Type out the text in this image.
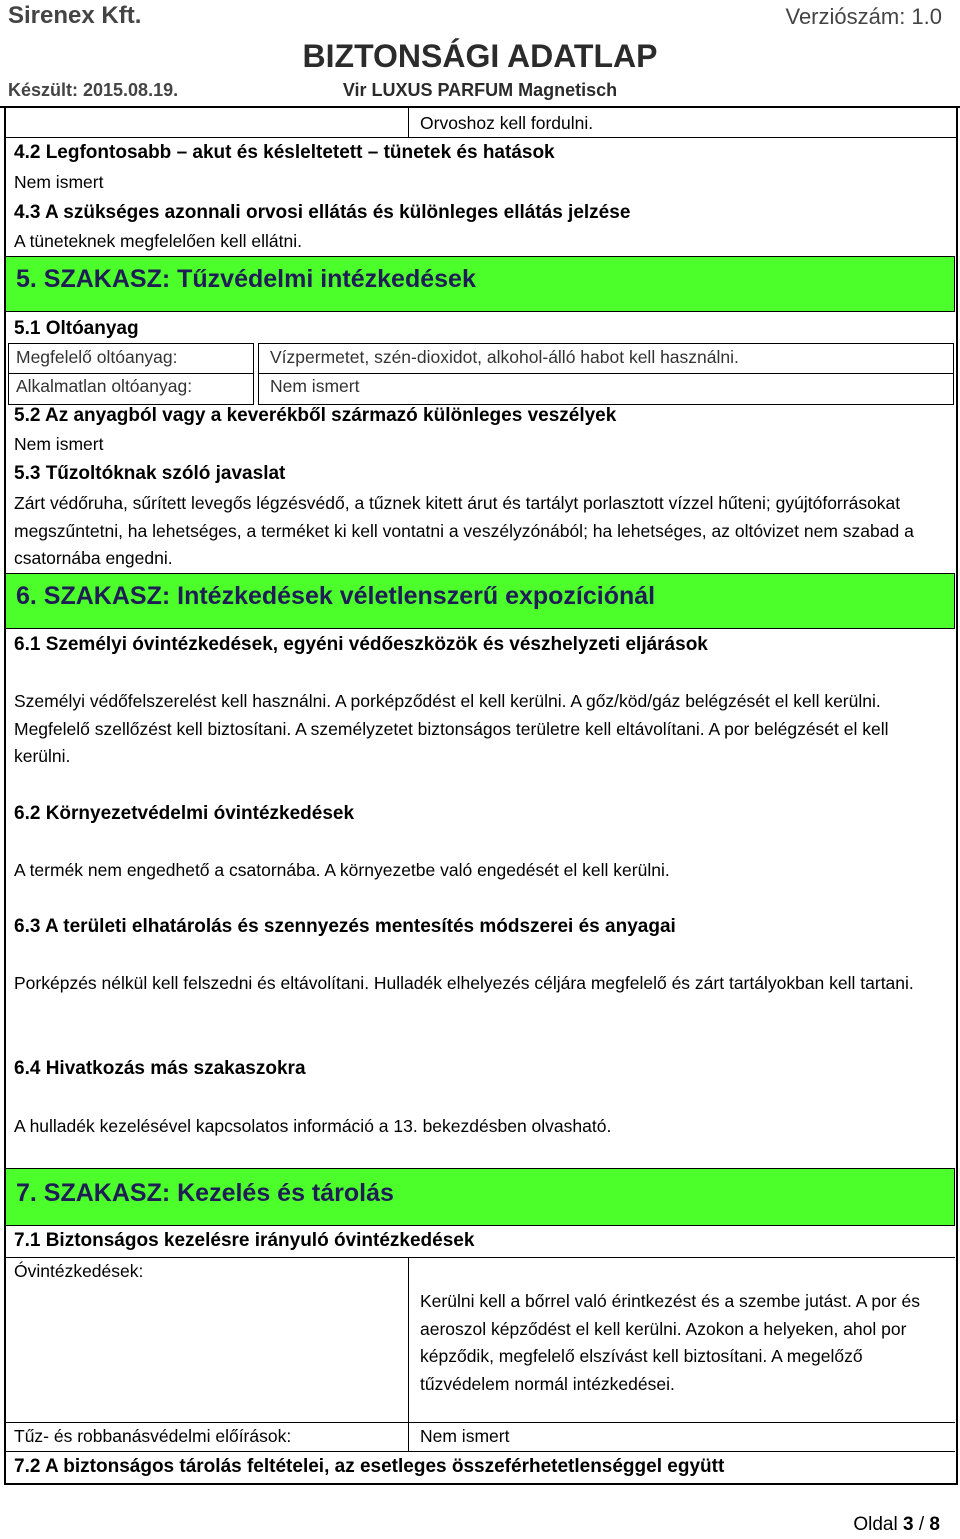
Sirenex Kft.	Verziószám: 1.0
BIZTONSÁGI ADATLAP
Készült: 2015.08.19.	Vir LUXUS PARFUM Magnetisch
Orvoshoz kell fordulni.
4.2 Legfontosabb – akut és késleltetett – tünetek és hatások
Nem ismert
4.3 A szükséges azonnali orvosi ellátás és különleges ellátás jelzése
A tüneteknek megfelelően kell ellátni.
5. SZAKASZ: Tűzvédelmi intézkedések
5.1 Oltóanyag
Megfelelő oltóanyag:	Vízpermetet, szén-dioxidot, alkohol-álló habot kell használni.
Alkalmatlan oltóanyag:	Nem ismert
5.2 Az anyagból vagy a keverékből származó különleges veszélyek
Nem ismert
5.3 Tűzoltóknak szóló javaslat
Zárt védőruha, sűrített levegős légzésvédő, a tűznek kitett árut és tartályt porlasztott vízzel hűteni; gyújtóforrásokat megszűntetni, ha lehetséges, a terméket ki kell vontatni a veszélyzónából; ha lehetséges, az oltóvizet nem szabad a csatornába engedni.
6. SZAKASZ: Intézkedések véletlenszerű expozíciónál
6.1 Személyi óvintézkedések, egyéni védőeszközök és vészhelyzeti eljárások
Személyi védőfelszerelést kell használni. A porképződést el kell kerülni. A gőz/köd/gáz belégzését el kell kerülni. Megfelelő szellőzést kell biztosítani. A személyzetet biztonságos területre kell eltávolítani. A por belégzését el kell kerülni.
6.2 Környezetvédelmi óvintézkedések
A termék nem engedhető a csatornába. A környezetbe való engedését el kell kerülni.
6.3 A területi elhatárolás és szennyezés mentesítés módszerei és anyagai
Porképzés nélkül kell felszedni és eltávolítani. Hulladék elhelyezés céljára megfelelő és zárt tartályokban kell tartani.
6.4 Hivatkozás más szakaszokra
A hulladék kezelésével kapcsolatos információ a 13. bekezdésben olvasható.
7. SZAKASZ: Kezelés és tárolás
7.1 Biztonságos kezelésre irányuló óvintézkedések
Óvintézkedések:
Kerülni kell a bőrrel való érintkezést és a szembe jutást. A por és aeroszol képződést el kell kerülni. Azokon a helyeken, ahol por képződik, megfelelő elszívást kell biztosítani. A megelőző tűzvédelem normál intézkedései.
Tűz- és robbanásvédelmi előírások:	Nem ismert
7.2 A biztonságos tárolás feltételei, az esetleges összeférhetetlenséggel együtt
Oldal 3 / 8
